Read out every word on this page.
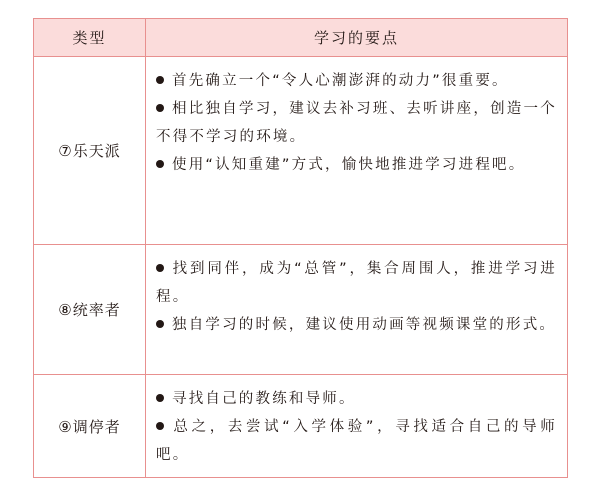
类型	学习的要点
⑦乐天派
首先确立一个“令人心潮澎湃的动力”很重要。
相比独自学习，建议去补习班、去听讲座，创造一个不得不学习的环境。
使用“认知重建”方式，愉快地推进学习进程吧。
⑧统率者
找到同伴，成为“总管”，集合周围人，推进学习进程。
独自学习的时候，建议使用动画等视频课堂的形式。
⑨调停者
寻找自己的教练和导师。
总之，去尝试“入学体验”，寻找适合自己的导师吧。
